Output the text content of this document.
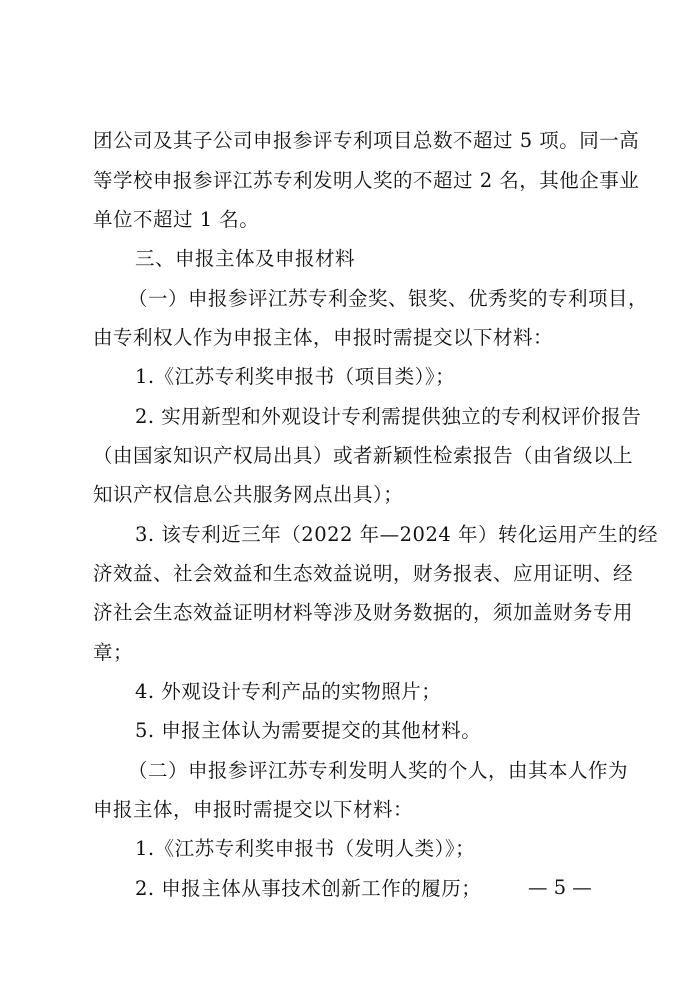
团公司及其子公司申报参评专利项目总数不超过 5 项。同一高
等学校申报参评江苏专利发明人奖的不超过 2 名，其他企事业
单位不超过 1 名。
三、申报主体及申报材料
（一）申报参评江苏专利金奖、银奖、优秀奖的专利项目，
由专利权人作为申报主体，申报时需提交以下材料：
1.《江苏专利奖申报书（项目类）》；
2. 实用新型和外观设计专利需提供独立的专利权评价报告
（由国家知识产权局出具）或者新颖性检索报告（由省级以上
知识产权信息公共服务网点出具）；
3. 该专利近三年（2022 年—2024 年）转化运用产生的经
济效益、社会效益和生态效益说明，财务报表、应用证明、经
济社会生态效益证明材料等涉及财务数据的，须加盖财务专用
章；
4. 外观设计专利产品的实物照片；
5. 申报主体认为需要提交的其他材料。
（二）申报参评江苏专利发明人奖的个人，由其本人作为
申报主体，申报时需提交以下材料：
1.《江苏专利奖申报书（发明人类）》；
2. 申报主体从事技术创新工作的履历； — 5 —
